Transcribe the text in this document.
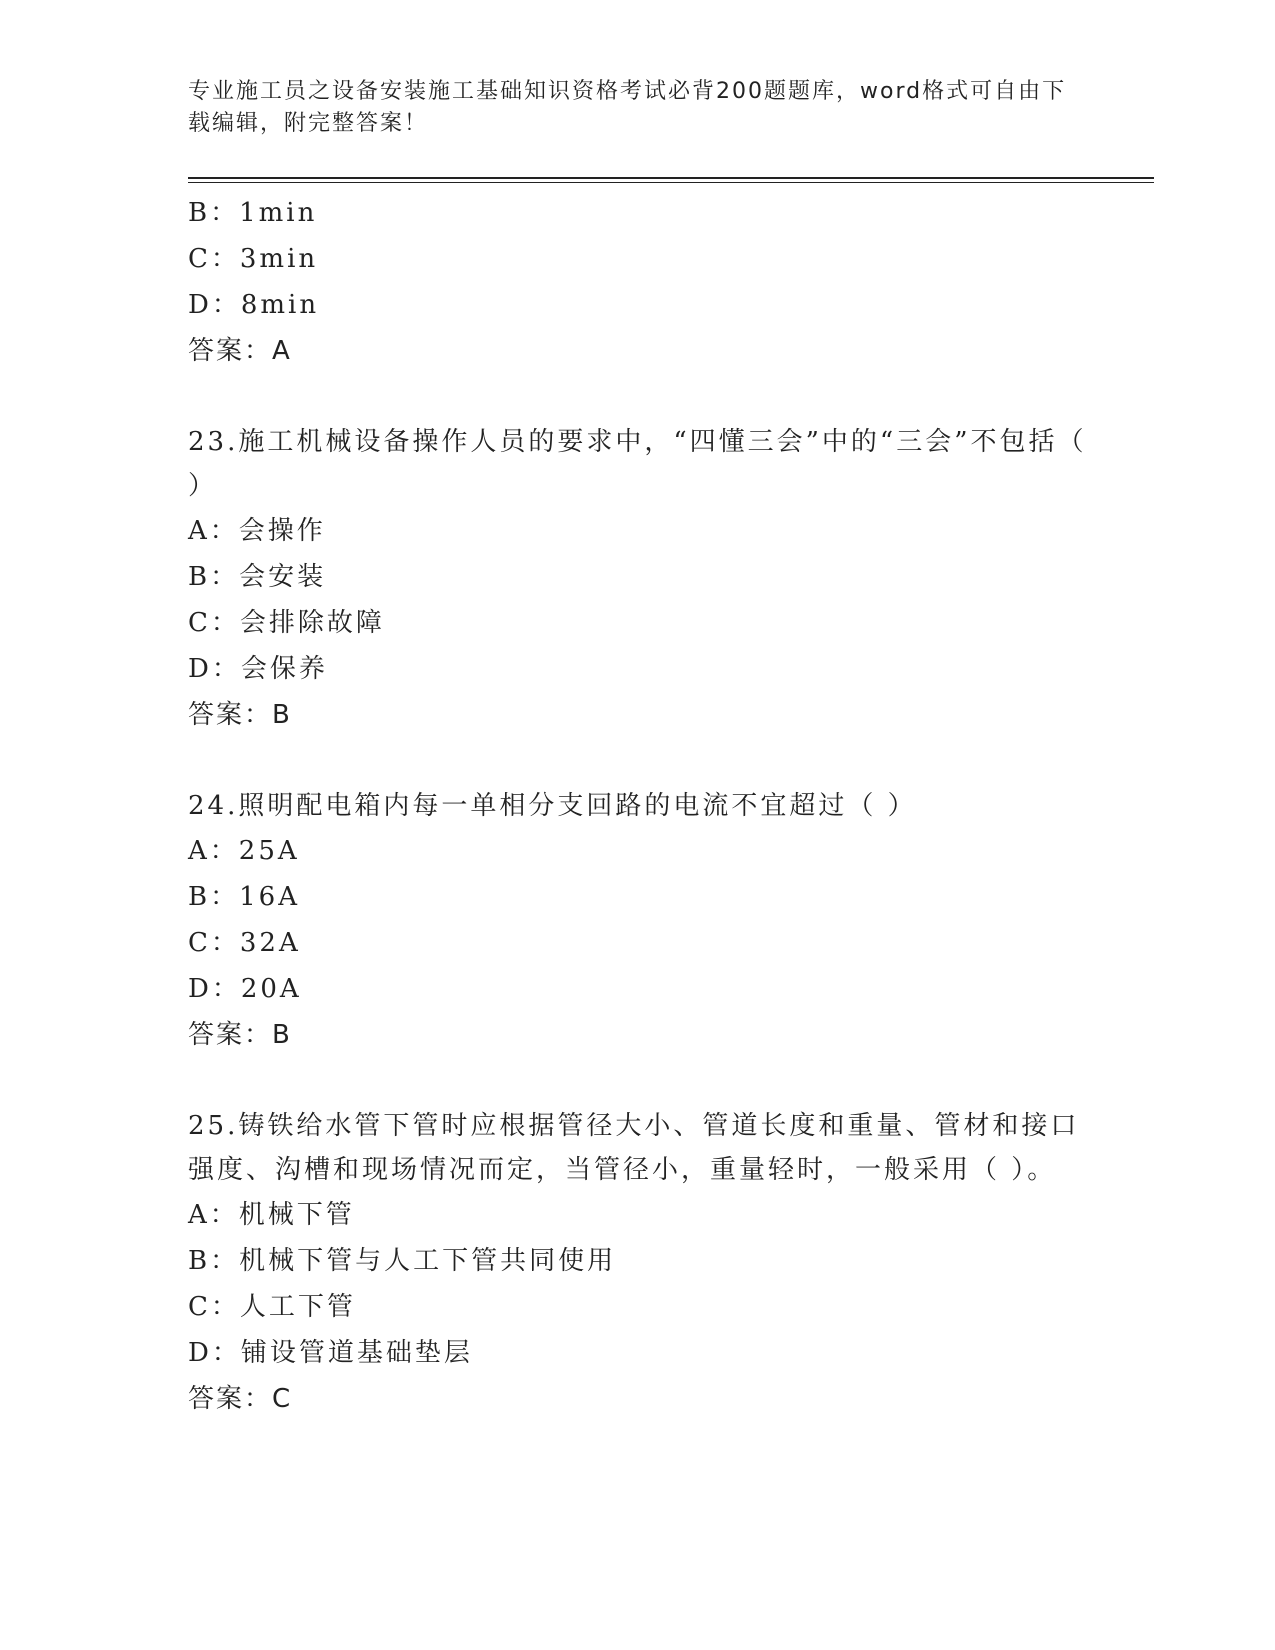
专业施工员之设备安装施工基础知识资格考试必背200题题库，word格式可自由下载编辑，附完整答案！
B：1min
C：3min
D：8min
答案：A
23.施工机械设备操作人员的要求中，“四懂三会”中的“三会”不包括（ ）
A：会操作
B：会安装
C：会排除故障
D：会保养
答案：B
24.照明配电箱内每一单相分支回路的电流不宜超过（ ）
A：25A
B：16A
C：32A
D：20A
答案：B
25.铸铁给水管下管时应根据管径大小、管道长度和重量、管材和接口强度、沟槽和现场情况而定，当管径小，重量轻时，一般采用（ ）。
A：机械下管
B：机械下管与人工下管共同使用
C：人工下管
D：铺设管道基础垫层
答案：C
